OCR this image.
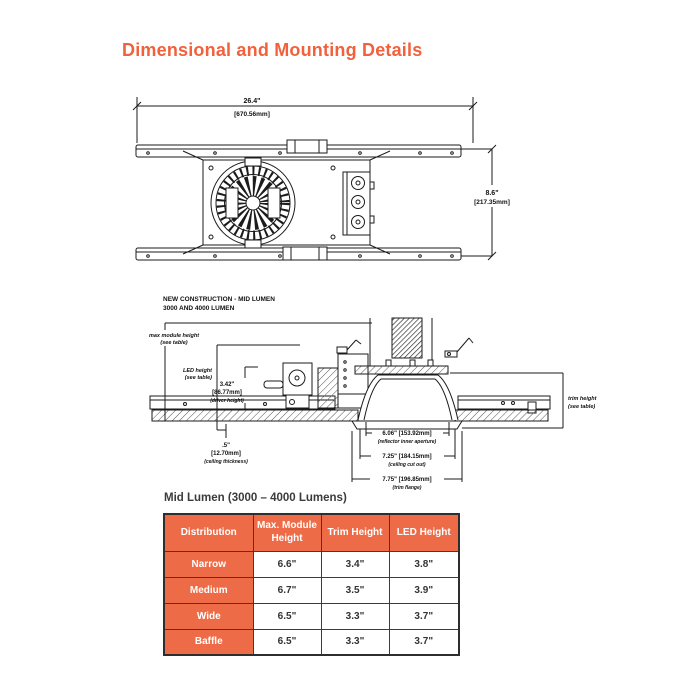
Dimensional and Mounting Details
26.4"
[670.56mm]
8.6"
[217.35mm]
NEW CONSTRUCTION - MID LUMEN
3000 AND 4000 LUMEN
max module height
(see table)
LED height
(see table)
3.42"
[86.77mm]
(driver height)	trim height
(see table)
.5"
[12.70mm]
(ceiling thickness)
6.06" [153.92mm]
(reflector inner aperture)
7.25" [184.15mm]
(ceiling cut out)
7.75" [196.85mm]
(trim flange)
Mid Lumen (3000 – 4000 Lumens)
Distribution	Max. Module Height	Trim Height	LED Height
Narrow	6.6"	3.4"	3.8"
Medium	6.7"	3.5"	3.9"
Wide	6.5"	3.3"	3.7"
Baffle	6.5"	3.3"	3.7"
